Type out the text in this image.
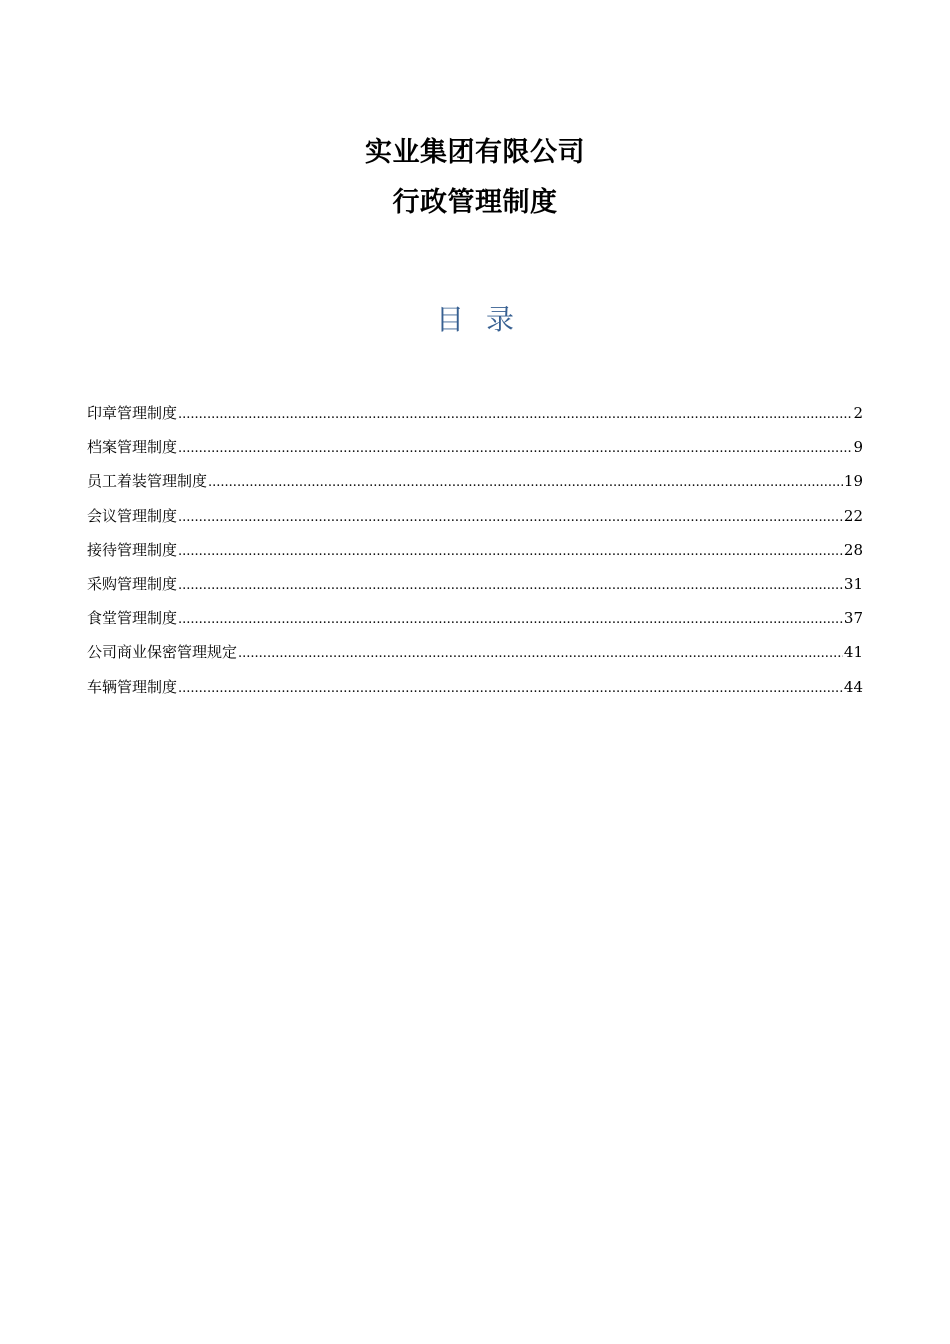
实业集团有限公司
行政管理制度
目 录
印章管理制度 .....	2
档案管理制度 .....	9
员工着装管理制度 .....	19
会议管理制度 .....	22
接待管理制度 .....	28
采购管理制度 .....	31
食堂管理制度 .....	37
公司商业保密管理规定 .....	41
车辆管理制度 .....	44
